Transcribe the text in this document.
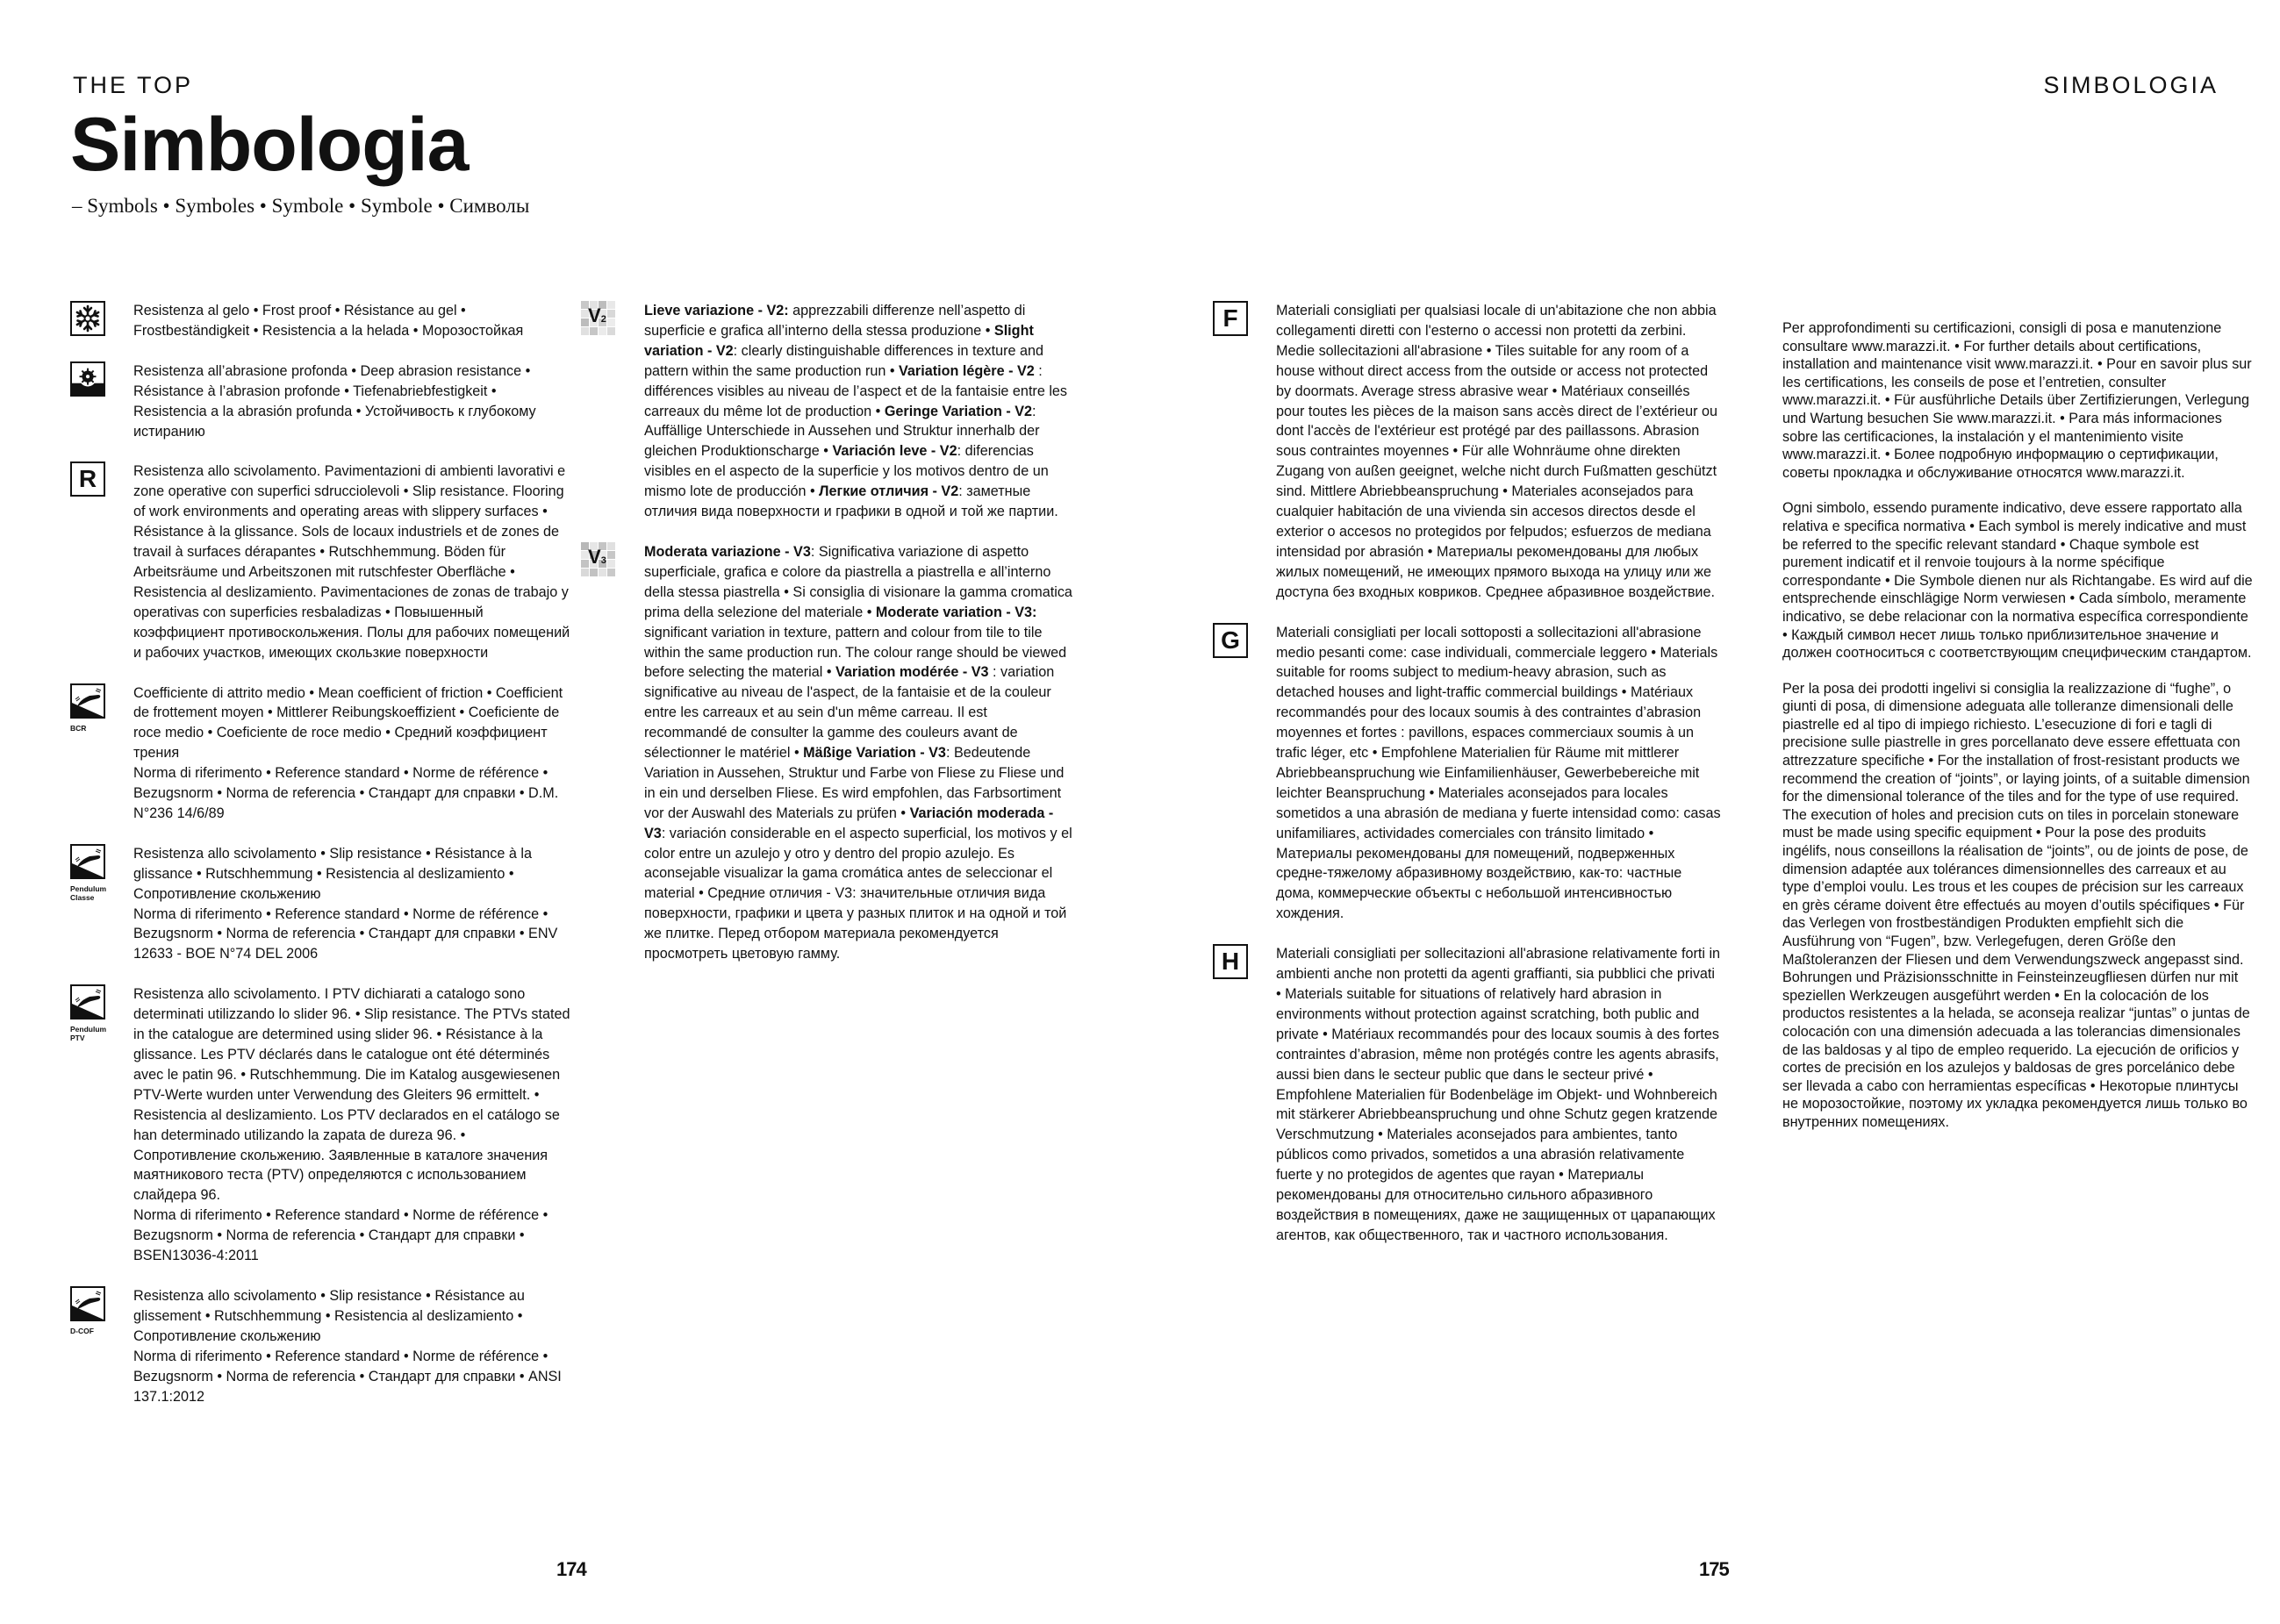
THE TOP
Simbologia
– Symbols • Symboles • Symbole • Symbole • Символы
Resistenza al gelo • Frost proof • Résistance au gel • Frostbeständigkeit • Resistencia a la helada • Морозостойкая
Resistenza all’abrasione profonda • Deep abrasion resistance • Résistance à l’abrasion profonde • Tiefenabriebfestigkeit • Resistencia a la abrasión profunda • Устойчивость к глубокому истиранию
R	Resistenza allo scivolamento. Pavimentazioni di ambienti lavorativi e zone operative con superfici sdrucciolevoli • Slip resistance. Flooring of work environments and operating areas with slippery surfaces • Résistance à la glissance. Sols de locaux industriels et de zones de travail à surfaces dérapantes • Rutschhemmung. Böden für Arbeitsräume und Arbeitszonen mit rutschfester Oberfläche • Resistencia al deslizamiento. Pavimentaciones de zonas de trabajo y operativas con superficies resbaladizas • Повышенный коэффициент противоскольжения. Полы для рабочих помещений и рабочих участков, имеющих скользкие поверхности
BCR
Coefficiente di attrito medio • Mean coefficient of friction • Coefficient de frottement moyen • Mittlerer Reibungskoeffizient • Coeficiente de roce medio • Coeficiente de roce medio • Средний коэффициент трения
Norma di riferimento • Reference standard • Norme de référence • Bezugsnorm • Norma de referencia • Стандарт для справки • D.M. N°236 14/6/89
Pendulum Classe
Resistenza allo scivolamento • Slip resistance • Résistance à la glissance • Rutschhemmung • Resistencia al deslizamiento • Сопротивление скольжению
Norma di riferimento • Reference standard • Norme de référence • Bezugsnorm • Norma de referencia • Стандарт для справки • ENV 12633 - BOE N°74 DEL 2006
Pendulum PTV
Resistenza allo scivolamento. I PTV dichiarati a catalogo sono determinati utilizzando lo slider 96. • Slip resistance. The PTVs stated in the catalogue are determined using slider 96. • Résistance à la glissance. Les PTV déclarés dans le catalogue ont été déterminés avec le patin 96. • Rutschhemmung. Die im Katalog ausgewiesenen PTV-Werte wurden unter Verwendung des Gleiters 96 ermittelt. • Resistencia al deslizamiento. Los PTV declarados en el catálogo se han determinado utilizando la zapata de dureza 96. • Сопротивление скольжению. Заявленные в каталоге значения маятникового теста (PTV) определяются с использованием слайдера 96.
Norma di riferimento • Reference standard • Norme de référence • Bezugsnorm • Norma de referencia • Стандарт для справки • BSEN13036-4:2011
D-COF
Resistenza allo scivolamento • Slip resistance • Résistance au glissement • Rutschhemmung • Resistencia al deslizamiento • Сопротивление скольжению
Norma di riferimento • Reference standard • Norme de référence • Bezugsnorm • Norma de referencia • Стандарт для справки • ANSI 137.1:2012
V2
Lieve variazione - V2: apprezzabili differenze nell’aspetto di superficie e grafica all’interno della stessa produzione • Slight variation - V2: clearly distinguishable differences in texture and pattern within the same production run • Variation légère - V2 : différences visibles au niveau de l’aspect et de la fantaisie entre les carreaux du même lot de production • Geringe Variation - V2: Auffällige Unterschiede in Aussehen und Struktur innerhalb der gleichen Produktionscharge • Variación leve - V2: diferencias visibles en el aspecto de la superficie y los motivos dentro de un mismo lote de producción • Легкие отличия - V2: заметные отличия вида поверхности и графики в одной и той же партии.
V3
Moderata variazione - V3: Significativa variazione di aspetto superficiale, grafica e colore da piastrella a piastrella e all’interno della stessa piastrella • Si consiglia di visionare la gamma cromatica prima della selezione del materiale • Moderate variation - V3: significant variation in texture, pattern and colour from tile to tile within the same production run. The colour range should be viewed before selecting the material • Variation modérée - V3 : variation significative au niveau de l'aspect, de la fantaisie et de la couleur entre les carreaux et au sein d'un même carreau. Il est recommandé de consulter la gamme des couleurs avant de sélectionner le matériel • Mäßige Variation - V3: Bedeutende Variation in Aussehen, Struktur und Farbe von Fliese zu Fliese und in ein und derselben Fliese. Es wird empfohlen, das Farbsortiment vor der Auswahl des Materials zu prüfen • Variación moderada - V3: variación considerable en el aspecto superficial, los motivos y el color entre un azulejo y otro y dentro del propio azulejo. Es aconsejable visualizar la gama cromática antes de seleccionar el material • Средние отличия - V3: значительные отличия вида поверхности, графики и цвета у разных плиток и на одной и той же плитке. Перед отбором материала рекомендуется просмотреть цветовую гамму.
174
SIMBOLOGIA
175
F	Materiali consigliati per qualsiasi locale di un'abitazione che non abbia collegamenti diretti con l'esterno o accessi non protetti da zerbini. Medie sollecitazioni all'abrasione • Tiles suitable for any room of a house without direct access from the outside or access not protected by doormats. Average stress abrasive wear • Matériaux conseillés pour toutes les pièces de la maison sans accès direct de l’extérieur ou dont l'accès de l'extérieur est protégé par des paillassons. Abrasion sous contraintes moyennes • Für alle Wohnräume ohne direkten Zugang von außen geeignet, welche nicht durch Fußmatten geschützt sind. Mittlere Abriebbeanspruchung • Materiales aconsejados para cualquier habitación de una vivienda sin accesos directos desde el exterior o accesos no protegidos por felpudos; esfuerzos de mediana intensidad por abrasión • Материалы рекомендованы для любых жилых помещений, не имеющих прямого выхода на улицу или же доступа без входных ковриков. Среднее абразивное воздействие.
G	Materiali consigliati per locali sottoposti a sollecitazioni all'abrasione medio pesanti come: case individuali, commerciale leggero • Materials suitable for rooms subject to medium-heavy abrasion, such as detached houses and light-traffic commercial buildings • Matériaux recommandés pour des locaux soumis à des contraintes d’abrasion moyennes et fortes : pavillons, espaces commerciaux soumis à un trafic léger, etc • Empfohlene Materialien für Räume mit mittlerer Abriebbeanspruchung wie Einfamilienhäuser, Gewerbebereiche mit leichter Beanspruchung • Materiales aconsejados para locales sometidos a una abrasión de mediana y fuerte intensidad como: casas unifamiliares, actividades comerciales con tránsito limitado • Материалы рекомендованы для помещений, подверженных средне-тяжелому абразивному воздействию, как-то: частные дома, коммерческие объекты с небольшой интенсивностью хождения.
H	Materiali consigliati per sollecitazioni all'abrasione relativamente forti in ambienti anche non protetti da agenti graffianti, sia pubblici che privati • Materials suitable for situations of relatively hard abrasion in environments without protection against scratching, both public and private • Matériaux recommandés pour des locaux soumis à des fortes contraintes d’abrasion, même non protégés contre les agents abrasifs, aussi bien dans le secteur public que dans le secteur privé • Empfohlene Materialien für Bodenbeläge im Objekt- und Wohnbereich mit stärkerer Abriebbeanspruchung und ohne Schutz gegen kratzende Verschmutzung • Materiales aconsejados para ambientes, tanto públicos como privados, sometidos a una abrasión relativamente fuerte y no protegidos de agentes que rayan • Материалы рекомендованы для относительно сильного абразивного воздействия в помещениях, даже не защищенных от царапающих агентов, как общественного, так и частного использования.

Per approfondimenti su certificazioni, consigli di posa e manutenzione consultare www.marazzi.it. • For further details about certifications, installation and maintenance visit www.marazzi.it. • Pour en savoir plus sur les certifications, les conseils de pose et l’entretien, consulter www.marazzi.it. • Für ausführliche Details über Zertifizierungen, Verlegung und Wartung besuchen Sie www.marazzi.it. • Para más informaciones sobre las certificaciones, la instalación y el mantenimiento visite www.marazzi.it. • Более подробную информацию о сертификации, советы прокладка и обслуживание относятся www.marazzi.it.

Ogni simbolo, essendo puramente indicativo, deve essere rapportato alla relativa e specifica normativa • Each symbol is merely indicative and must be referred to the specific relevant standard • Chaque symbole est purement indicatif et il renvoie toujours à la norme spécifique correspondante • Die Symbole dienen nur als Richtangabe. Es wird auf die entsprechende einschlägige Norm verwiesen • Cada símbolo, meramente indicativo, se debe relacionar con la normativa específica correspondiente • Каждый символ несет лишь только приблизительное значение и должен соотноситься с соответствующим специфическим стандартом.

Per la posa dei prodotti ingelivi si consiglia la realizzazione di “fughe”, o giunti di posa, di dimensione adeguata alle tolleranze dimensionali delle piastrelle ed al tipo di impiego richiesto. L’esecuzione di fori e tagli di precisione sulle piastrelle in gres porcellanato deve essere effettuata con attrezzature specifiche • For the installation of frost-resistant products we recommend the creation of “joints”, or laying joints, of a suitable dimension for the dimensional tolerance of the tiles and for the type of use required. The execution of holes and precision cuts on tiles in porcelain stoneware must be made using specific equipment • Pour la pose des produits ingélifs, nous conseillons la réalisation de “joints”, ou de joints de pose, de dimension adaptée aux tolérances dimensionnelles des carreaux et au type d’emploi voulu. Les trous et les coupes de précision sur les carreaux en grès cérame doivent être effectués au moyen d’outils spécifiques • Für das Verlegen von frostbeständigen Produkten empfiehlt sich die Ausführung von “Fugen”, bzw. Verlegefugen, deren Größe den Maßtoleranzen der Fliesen und dem Verwendungszweck angepasst sind. Bohrungen und Präzisionsschnitte in Feinsteinzeugfliesen dürfen nur mit speziellen Werkzeugen ausgeführt werden • En la colocación de los productos resistentes a la helada, se aconseja realizar “juntas” o juntas de colocación con una dimensión adecuada a las tolerancias dimensionales de las baldosas y al tipo de empleo requerido. La ejecución de orificios y cortes de precisión en los azulejos y baldosas de gres porcelánico debe ser llevada a cabo con herramientas específicas • Некоторые плинтусы не морозостойкие, поэтому их укладка рекомендуется лишь только во внутренних помещениях.
